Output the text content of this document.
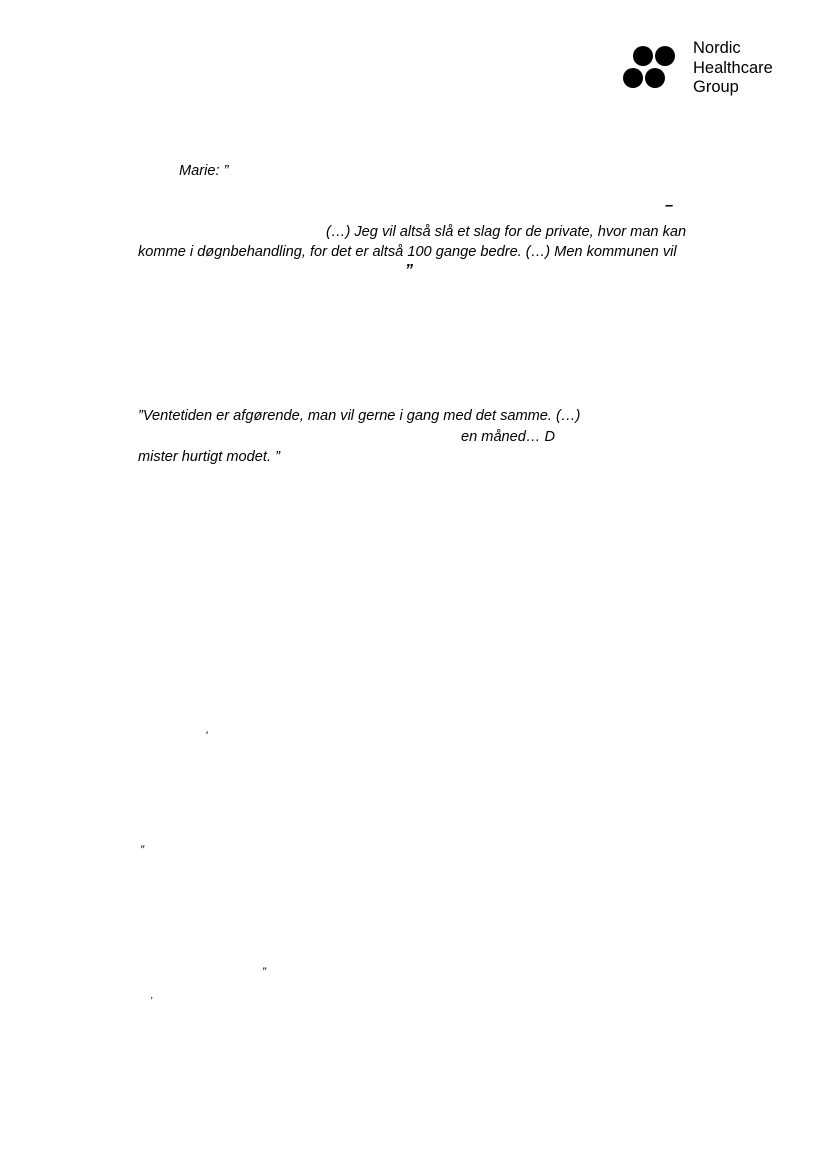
Nordic
Healthcare
Group
Marie: ”
–
(…) Jeg vil altså slå et slag for de private, hvor man kan
komme i døgnbehandling, for det er altså 100 gange bedre. (…) Men kommunen vil
”
”Ventetiden er afgørende, man vil gerne i gang med det samme. (…)
en måned… D
mister hurtigt modet. ”
’
”
”
’
